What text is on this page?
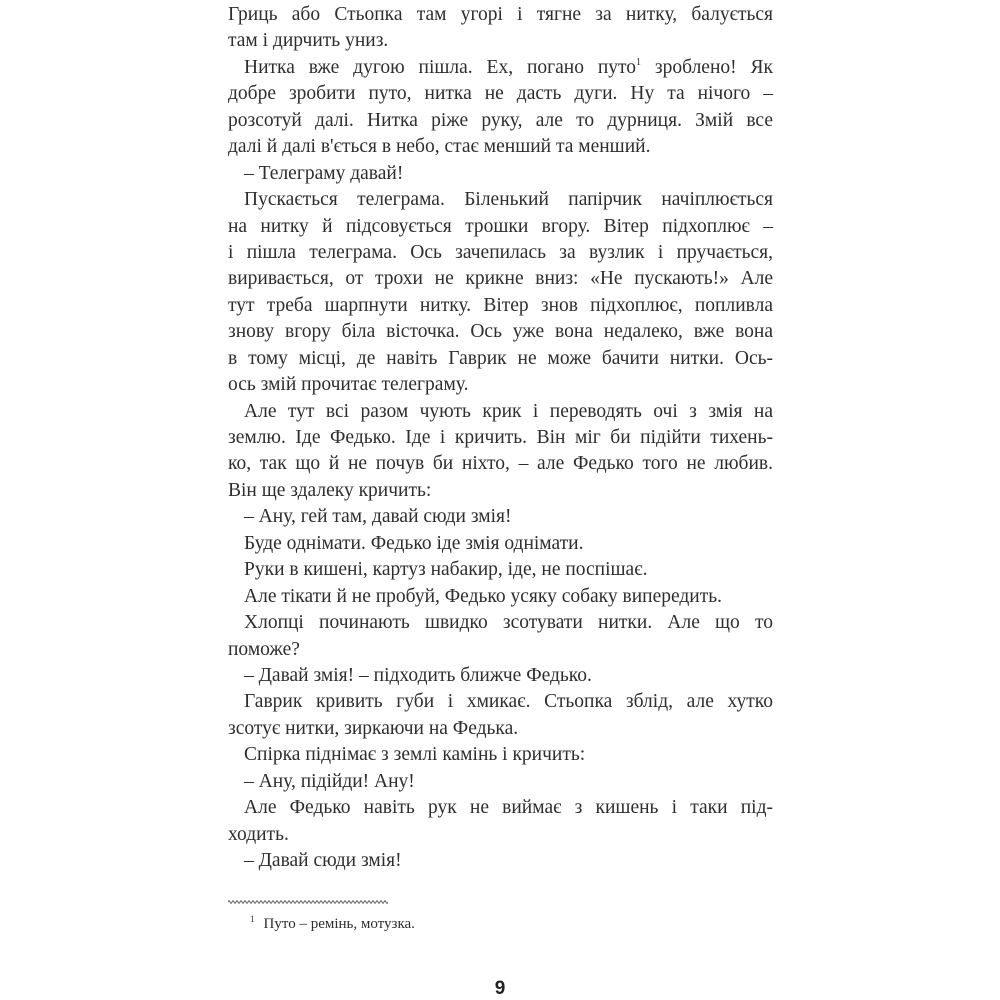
Гриць або Стьопка там угорі і тягне за нитку, балується
там і дирчить униз.
Нитка вже дугою пішла. Ех, погано путо$^1$ зроблено! Як
добре зробити путо, нитка не дасть дуги. Ну та нічого –
розсотуй далі. Нитка ріже руку, але то дурниця. Змій все
далі й далі в'ється в небо, стає менший та менший.
– Телеграму давай!
Пускається телеграма. Біленький папірчик начіплюється
на нитку й підсовується трошки вгору. Вітер підхоплює –
і пішла телеграма. Ось зачепилась за вузлик і пручається,
виривається, от трохи не крикне вниз: «Не пускають!» Але
тут треба шарпнути нитку. Вітер знов підхоплює, попливла
знову вгору біла вісточка. Ось уже вона недалеко, вже вона
в тому місці, де навіть Гаврик не може бачити нитки. Ось-
ось змій прочитає телеграму.
Але тут всі разом чують крик і переводять очі з змія на
землю. Іде Федько. Іде і кричить. Він міг би підійти тихень-
ко, так що й не почув би ніхто, – але Федько того не любив.
Він ще здалеку кричить:
– Ану, гей там, давай сюди змія!
Буде однімати. Федько іде змія однімати.
Руки в кишені, картуз набакир, іде, не поспішає.
Але тікати й не пробуй, Федько усяку собаку випередить.
Хлопці починають швидко зсотувати нитки. Але що то
поможе?
– Давай змія! – підходить ближче Федько.
Гаврик кривить губи і хмикає. Стьопка зблід, але хутко
зсотує нитки, зиркаючи на Федька.
Спірка піднімає з землі камінь і кричить:
– Ану, підійди! Ану!
Але Федько навіть рук не виймає з кишень і таки під-
ходить.
– Давай сюди змія!
$^1$ Путо – ремінь, мотузка.
9
